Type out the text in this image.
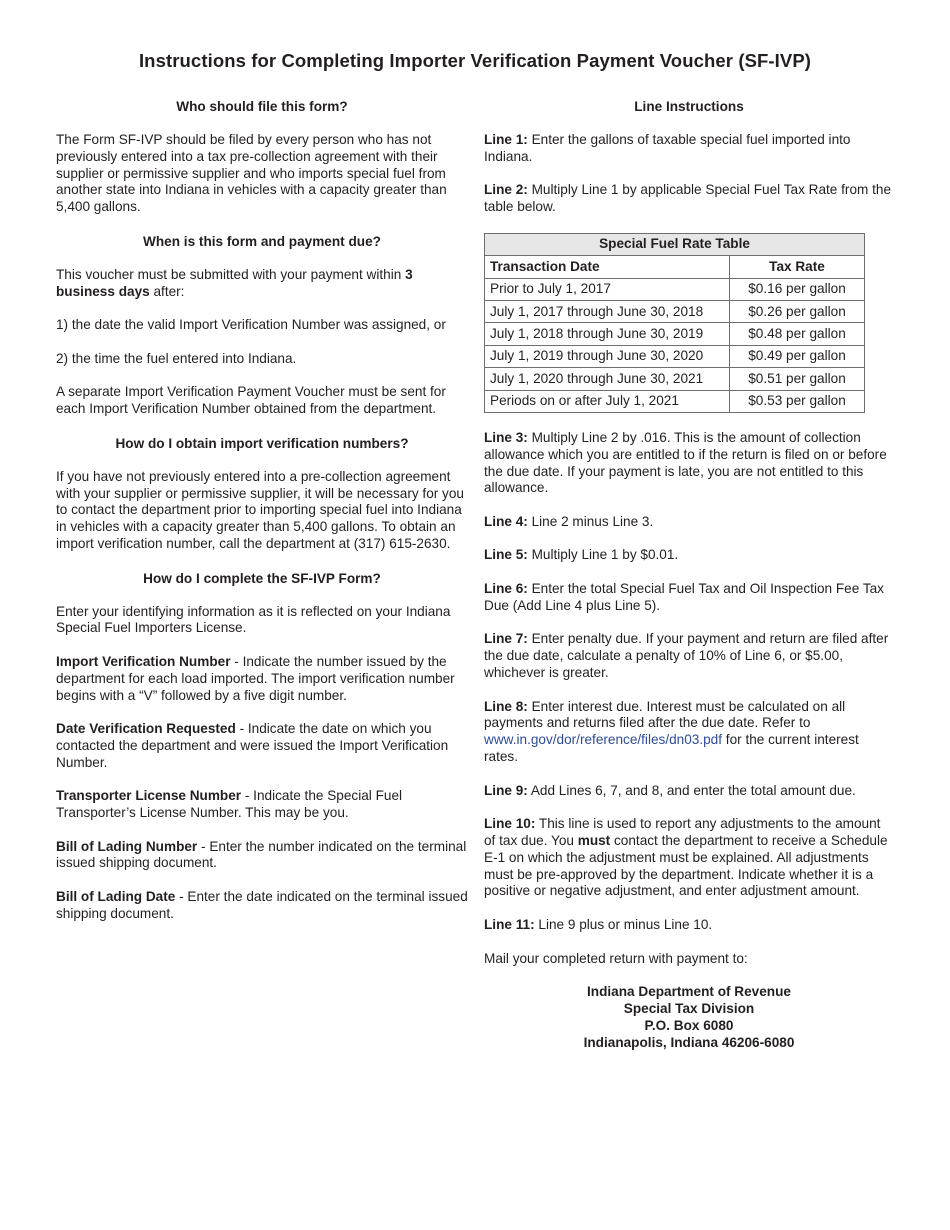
Instructions for Completing Importer Verification Payment Voucher (SF-IVP)
Who should file this form?

The Form SF-IVP should be filed by every person who has not previously entered into a tax pre-collection agreement with their supplier or permissive supplier and who imports special fuel from another state into Indiana in vehicles with a capacity greater than 5,400 gallons.

When is this form and payment due?

This voucher must be submitted with your payment within 3 business days after:

1) the date the valid Import Verification Number was assigned, or

2) the time the fuel entered into Indiana.

A separate Import Verification Payment Voucher must be sent for each Import Verification Number obtained from the department.

How do I obtain import verification numbers?

If you have not previously entered into a pre-collection agreement with your supplier or permissive supplier, it will be necessary for you to contact the department prior to importing special fuel into Indiana in vehicles with a capacity greater than 5,400 gallons. To obtain an import verification number, call the department at (317) 615-2630.

How do I complete the SF-IVP Form?

Enter your identifying information as it is reflected on your Indiana Special Fuel Importers License.

Import Verification Number - Indicate the number issued by the department for each load imported. The import verification number begins with a “V” followed by a five digit number.

Date Verification Requested - Indicate the date on which you contacted the department and were issued the Import Verification Number.

Transporter License Number - Indicate the Special Fuel Transporter’s License Number. This may be you.

Bill of Lading Number - Enter the number indicated on the terminal issued shipping document.

Bill of Lading Date - Enter the date indicated on the terminal issued shipping document.

Line Instructions

Line 1: Enter the gallons of taxable special fuel imported into Indiana.

Line 2: Multiply Line 1 by applicable Special Fuel Tax Rate from the table below.

Special Fuel Rate Table	
Transaction Date	Tax Rate
Prior to July 1, 2017	$0.16 per gallon
July 1, 2017 through June 30, 2018	$0.26 per gallon
July 1, 2018 through June 30, 2019	$0.48 per gallon
July 1, 2019 through June 30, 2020	$0.49 per gallon
July 1, 2020 through June 30, 2021	$0.51 per gallon
Periods on or after July 1, 2021	$0.53 per gallon

Line 3: Multiply Line 2 by .016. This is the amount of collection allowance which you are entitled to if the return is filed on or before the due date. If your payment is late, you are not entitled to this allowance.

Line 4: Line 2 minus Line 3.

Line 5: Multiply Line 1 by $0.01.

Line 6: Enter the total Special Fuel Tax and Oil Inspection Fee Tax Due (Add Line 4 plus Line 5).

Line 7: Enter penalty due. If your payment and return are filed after the due date, calculate a penalty of 10% of Line 6, or $5.00, whichever is greater.

Line 8: Enter interest due. Interest must be calculated on all payments and returns filed after the due date. Refer to www.in.gov/dor/reference/files/dn03.pdf for the current interest rates.

Line 9: Add Lines 6, 7, and 8, and enter the total amount due.

Line 10: This line is used to report any adjustments to the amount of tax due. You must contact the department to receive a Schedule E-1 on which the adjustment must be explained. All adjustments must be pre-approved by the department. Indicate whether it is a positive or negative adjustment, and enter adjustment amount.

Line 11: Line 9 plus or minus Line 10.

Mail your completed return with payment to:

Indiana Department of Revenue
Special Tax Division
P.O. Box 6080
Indianapolis, Indiana 46206-6080
